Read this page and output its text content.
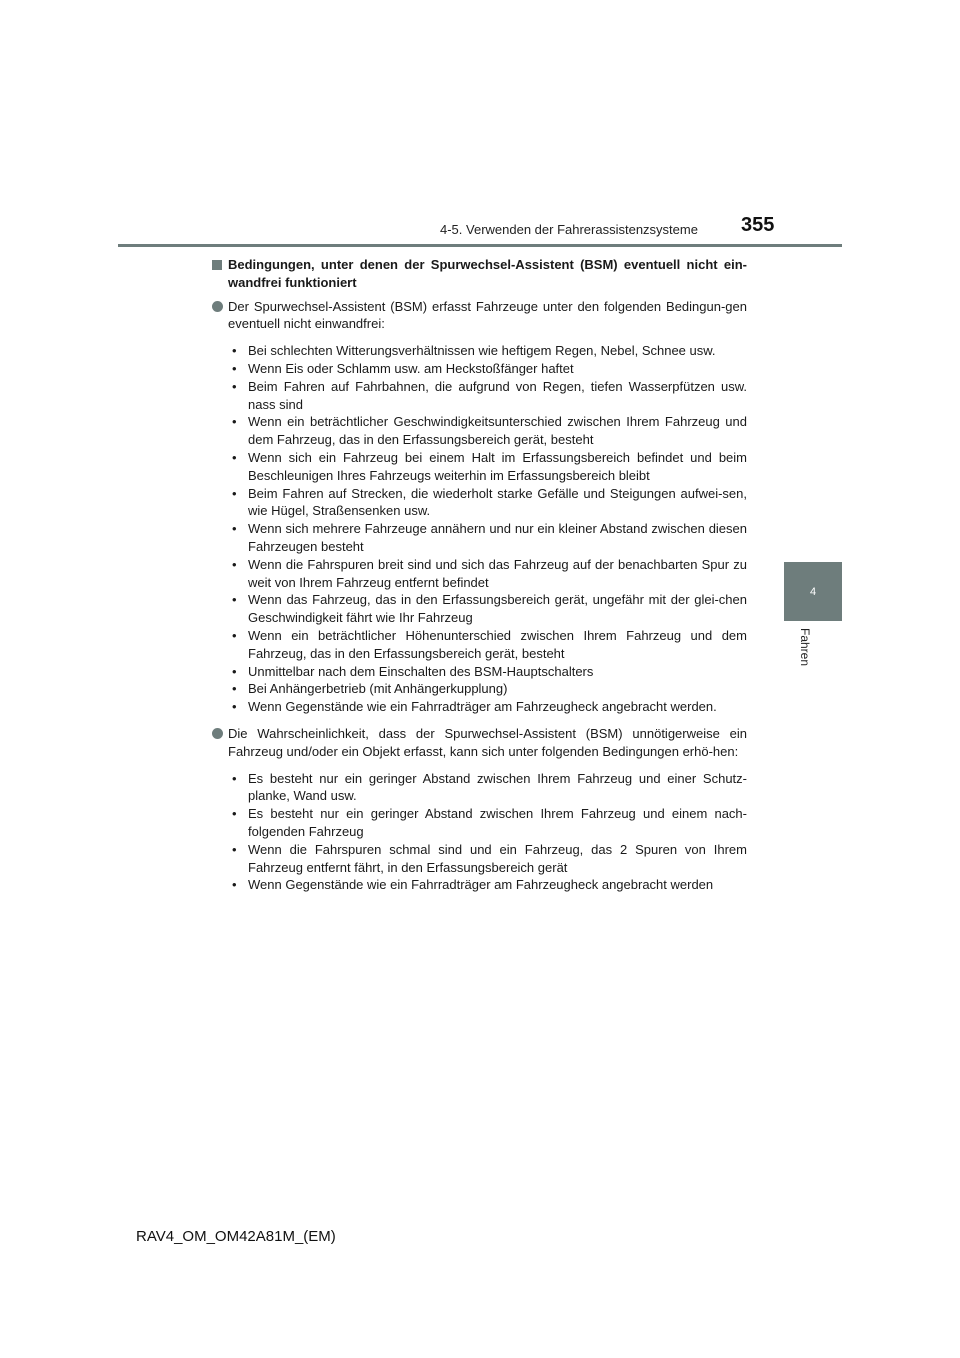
4-5. Verwenden der Fahrerassistenzsysteme 355
4
Fahren
Bedingungen, unter denen der Spurwechsel-Assistent (BSM) eventuell nicht ein-wandfrei funktioniert
Der Spurwechsel-Assistent (BSM) erfasst Fahrzeuge unter den folgenden Bedingun-gen eventuell nicht einwandfrei:
• Bei schlechten Witterungsverhältnissen wie heftigem Regen, Nebel, Schnee usw.
• Wenn Eis oder Schlamm usw. am Heckstoßfänger haftet
• Beim Fahren auf Fahrbahnen, die aufgrund von Regen, tiefen Wasserpfützen usw. nass sind
• Wenn ein beträchtlicher Geschwindigkeitsunterschied zwischen Ihrem Fahrzeug und dem Fahrzeug, das in den Erfassungsbereich gerät, besteht
• Wenn sich ein Fahrzeug bei einem Halt im Erfassungsbereich befindet und beim Beschleunigen Ihres Fahrzeugs weiterhin im Erfassungsbereich bleibt
• Beim Fahren auf Strecken, die wiederholt starke Gefälle und Steigungen aufwei-sen, wie Hügel, Straßensenken usw.
• Wenn sich mehrere Fahrzeuge annähern und nur ein kleiner Abstand zwischen diesen Fahrzeugen besteht
• Wenn die Fahrspuren breit sind und sich das Fahrzeug auf der benachbarten Spur zu weit von Ihrem Fahrzeug entfernt befindet
• Wenn das Fahrzeug, das in den Erfassungsbereich gerät, ungefähr mit der glei-chen Geschwindigkeit fährt wie Ihr Fahrzeug
• Wenn ein beträchtlicher Höhenunterschied zwischen Ihrem Fahrzeug und dem Fahrzeug, das in den Erfassungsbereich gerät, besteht
• Unmittelbar nach dem Einschalten des BSM-Hauptschalters
• Bei Anhängerbetrieb (mit Anhängerkupplung)
• Wenn Gegenstände wie ein Fahrradträger am Fahrzeugheck angebracht werden.
Die Wahrscheinlichkeit, dass der Spurwechsel-Assistent (BSM) unnötigerweise ein Fahrzeug und/oder ein Objekt erfasst, kann sich unter folgenden Bedingungen erhö-hen:
• Es besteht nur ein geringer Abstand zwischen Ihrem Fahrzeug und einer Schutz-planke, Wand usw.
• Es besteht nur ein geringer Abstand zwischen Ihrem Fahrzeug und einem nach-folgenden Fahrzeug
• Wenn die Fahrspuren schmal sind und ein Fahrzeug, das 2 Spuren von Ihrem Fahrzeug entfernt fährt, in den Erfassungsbereich gerät
• Wenn Gegenstände wie ein Fahrradträger am Fahrzeugheck angebracht werden
RAV4_OM_OM42A81M_(EM)
